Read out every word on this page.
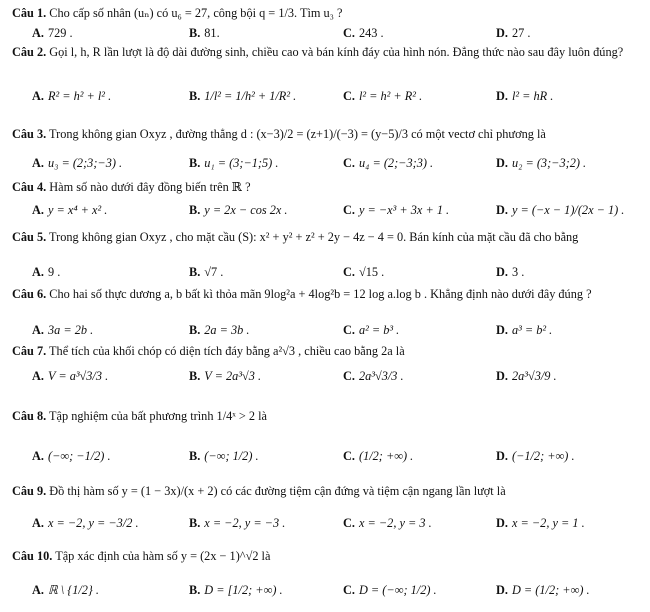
Câu 1. Cho cấp số nhân (uₙ) có u₆ = 27, công bội q = 1/3. Tìm u₃ ?
A. 729 .	B. 81.	C. 243 .	D. 27 .
Câu 2. Gọi l, h, R lần lượt là độ dài đường sinh, chiều cao và bán kính đáy của hình nón. Đẳng thức nào sau đây luôn đúng?
A. R² = h² + l² .	B. 1/l² = 1/h² + 1/R² .	C. l² = h² + R² .	D. l² = hR .
Câu 3. Trong không gian Oxyz , đường thẳng d : (x−3)/2 = (z+1)/(−3) = (y−5)/3 có một vectơ chỉ phương là
A. u₃ = (2;3;−3) .	B. u₁ = (3;−1;5) .	C. u₄ = (2;−3;3) .	D. u₂ = (3;−3;2) .
Câu 4. Hàm số nào dưới đây đồng biến trên ℝ ?
A. y = x⁴ + x² .	B. y = 2x − cos 2x .	C. y = −x³ + 3x + 1 .	D. y = (−x − 1)/(2x − 1) .
Câu 5. Trong không gian Oxyz , cho mặt cầu (S): x² + y² + z² + 2y − 4z − 4 = 0. Bán kính của mặt cầu đã cho bằng
A. 9 .	B. √7 .	C. √15 .	D. 3 .
Câu 6. Cho hai số thực dương a, b bất kì thỏa mãn 9log²a + 4log²b = 12 log a.log b . Khẳng định nào dưới đây đúng ?
A. 3a = 2b .	B. 2a = 3b .	C. a² = b³ .	D. a³ = b² .
Câu 7. Thể tích của khối chóp có diện tích đáy bằng a²√3 , chiều cao bằng 2a là
A. V = a³√3/3 .	B. V = 2a³√3 .	C. 2a³√3/3 .	D. 2a³√3/9 .
Câu 8. Tập nghiệm của bất phương trình 1/4ˣ > 2 là
A. (−∞; −1/2) .	B. (−∞; 1/2) .	C. (1/2; +∞) .	D. (−1/2; +∞) .
Câu 9. Đồ thị hàm số y = (1 − 3x)/(x + 2) có các đường tiệm cận đứng và tiệm cận ngang lần lượt là
A. x = −2, y = −3/2 .	B. x = −2, y = −3 .	C. x = −2, y = 3 .	D. x = −2, y = 1 .
Câu 10. Tập xác định của hàm số y = (2x − 1)^√2 là
A. ℝ \ {1/2} .	B. D = [1/2; +∞) .	C. D = (−∞; 1/2) .	D. D = (1/2; +∞) .
